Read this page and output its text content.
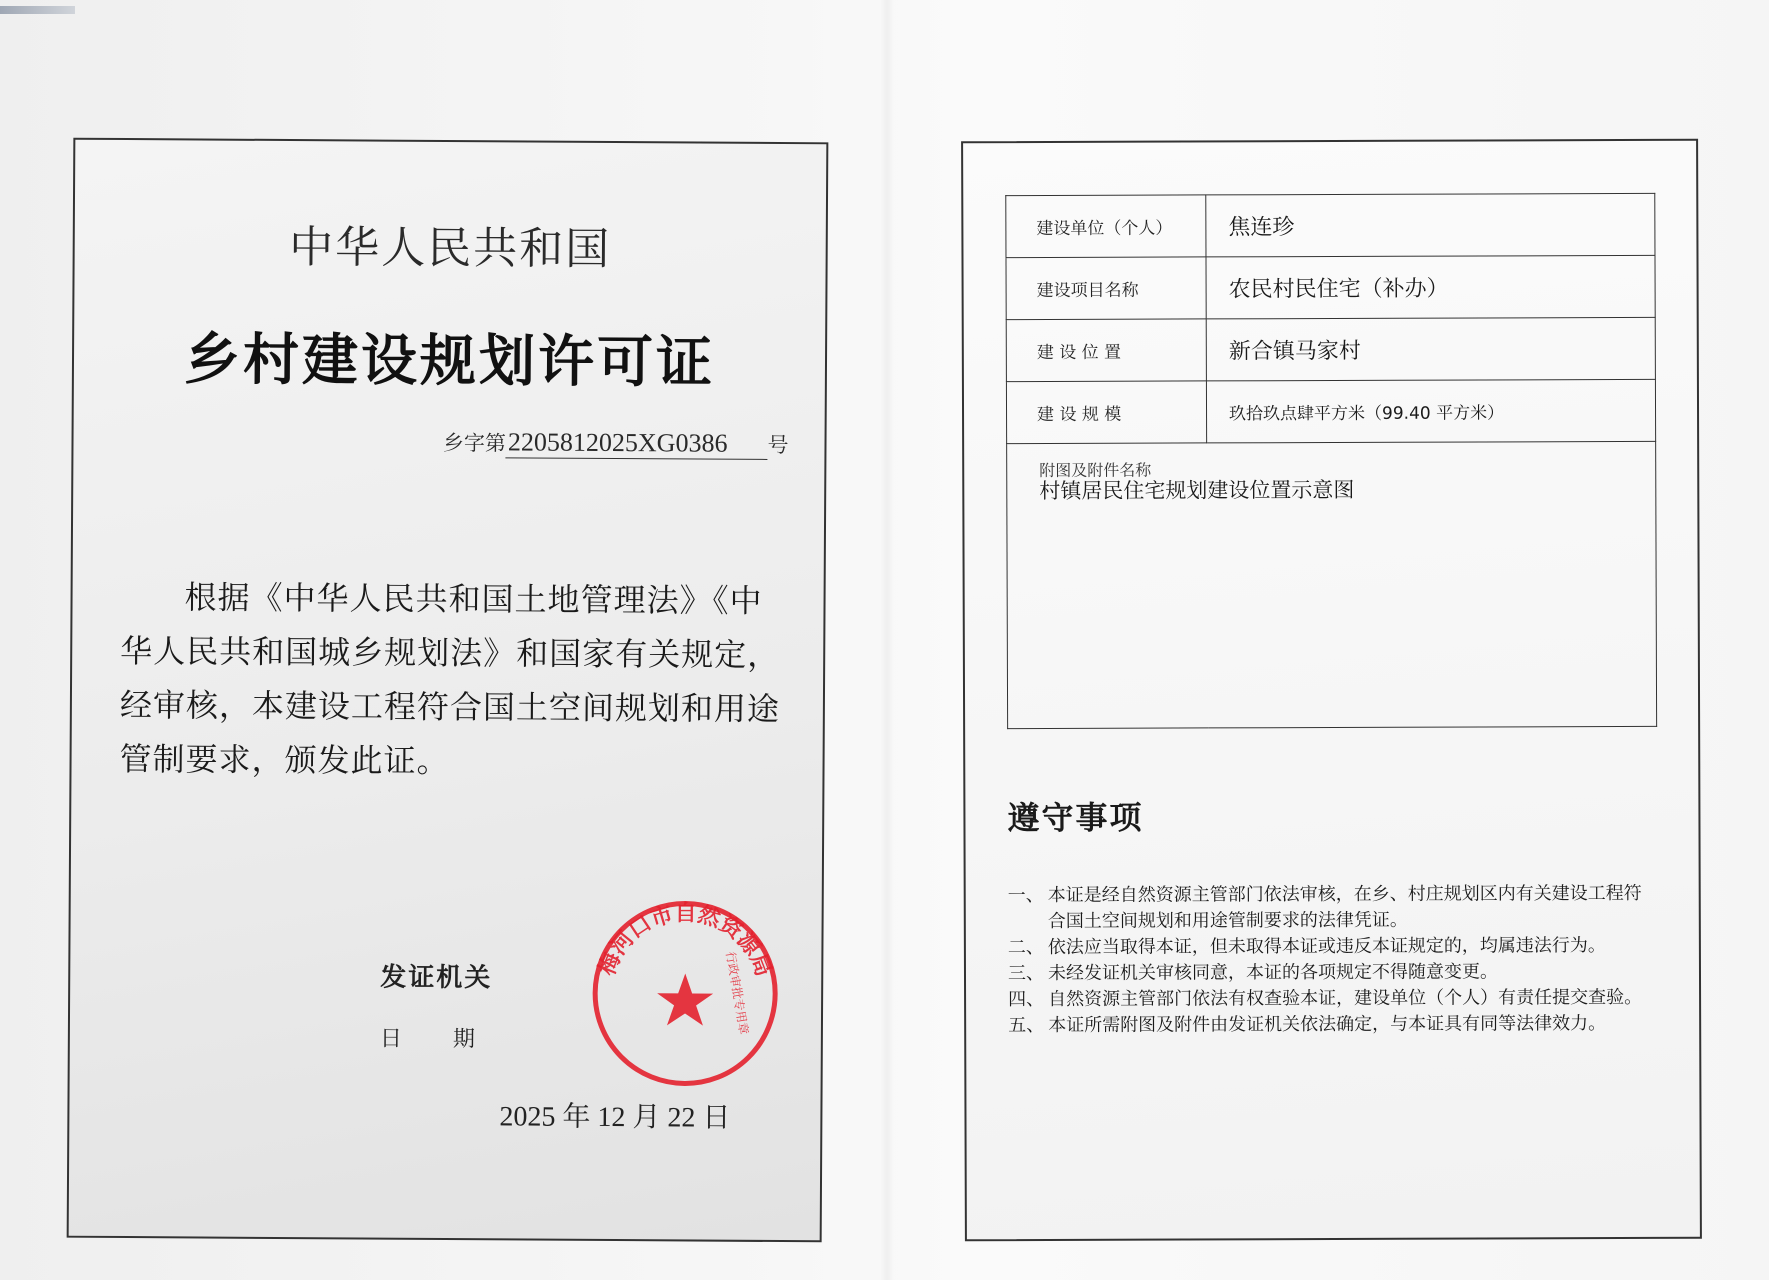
中华人民共和国
乡村建设规划许可证
乡字第2205812025XG0386 号
根据《中华人民共和国土地管理法》《中华人民共和国城乡规划法》和国家有关规定，经审核，本建设工程符合国土空间规划和用途管制要求，颁发此证。
发证机关
日 期
2025 年 12 月 22 日
梅河口市自然资源局
行政审批专用章
建设单位（个人）	焦连珍
建设项目名称	农民村民住宅（补办）
建 设 位 置	新合镇马家村
建 设 规 模	玖拾玖点肆平方米（99.40 平方米）

附图及附件名称
村镇居民住宅规划建设位置示意图	
遵守事项
一、 本证是经自然资源主管部门依法审核，在乡、村庄规划区内有关建设工程符合国土空间规划和用途管制要求的法律凭证。
二、 依法应当取得本证，但未取得本证或违反本证规定的，均属违法行为。
三、 未经发证机关审核同意，本证的各项规定不得随意变更。
四、 自然资源主管部门依法有权查验本证，建设单位（个人）有责任提交查验。
五、 本证所需附图及附件由发证机关依法确定，与本证具有同等法律效力。
